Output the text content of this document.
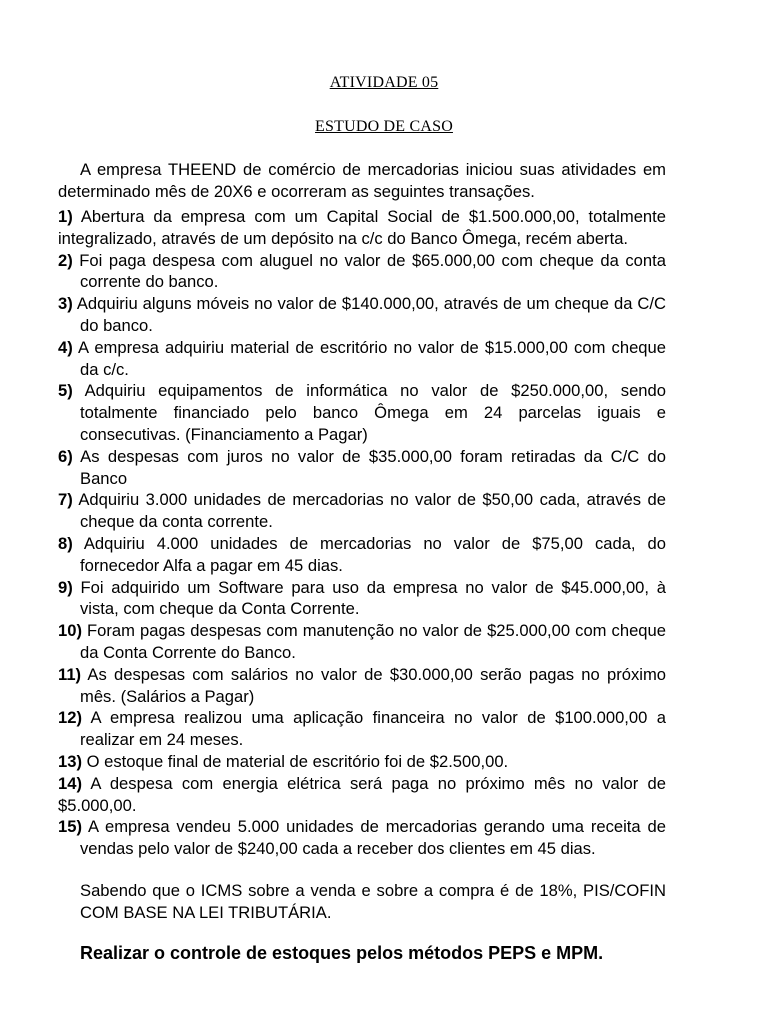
ATIVIDADE 05
ESTUDO DE CASO

A empresa THEEND de comércio de mercadorias iniciou suas atividades em determinado mês de 20X6 e ocorreram as seguintes transações.

1) Abertura da empresa com um Capital Social de $1.500.000,00, totalmente integralizado, através de um depósito na c/c do Banco Ômega, recém aberta.

2) Foi paga despesa com aluguel no valor de $65.000,00 com cheque da conta corrente do banco.

3) Adquiriu alguns móveis no valor de $140.000,00, através de um cheque da C/C do banco.

4) A empresa adquiriu material de escritório no valor de $15.000,00 com cheque da c/c.

5) Adquiriu equipamentos de informática no valor de $250.000,00, sendo totalmente financiado pelo banco Ômega em 24 parcelas iguais e consecutivas. (Financiamento a Pagar)

6) As despesas com juros no valor de $35.000,00 foram retiradas da C/C do Banco

7) Adquiriu 3.000 unidades de mercadorias no valor de $50,00 cada, através de cheque da conta corrente.

8) Adquiriu 4.000 unidades de mercadorias no valor de $75,00 cada, do fornecedor Alfa a pagar em 45 dias.

9) Foi adquirido um Software para uso da empresa no valor de $45.000,00, à vista, com cheque da Conta Corrente.

10) Foram pagas despesas com manutenção no valor de $25.000,00 com cheque da Conta Corrente do Banco.

11) As despesas com salários no valor de $30.000,00 serão pagas no próximo mês. (Salários a Pagar)

12) A empresa realizou uma aplicação financeira no valor de $100.000,00 a realizar em 24 meses.

13) O estoque final de material de escritório foi de $2.500,00.

14) A despesa com energia elétrica será paga no próximo mês no valor de $5.000,00.

15) A empresa vendeu 5.000 unidades de mercadorias gerando uma receita de vendas pelo valor de $240,00 cada a receber dos clientes em 45 dias.

Sabendo que o ICMS sobre a venda e sobre a compra é de 18%, PIS/COFIN COM BASE NA LEI TRIBUTÁRIA.

Realizar o controle de estoques pelos métodos PEPS e MPM.
